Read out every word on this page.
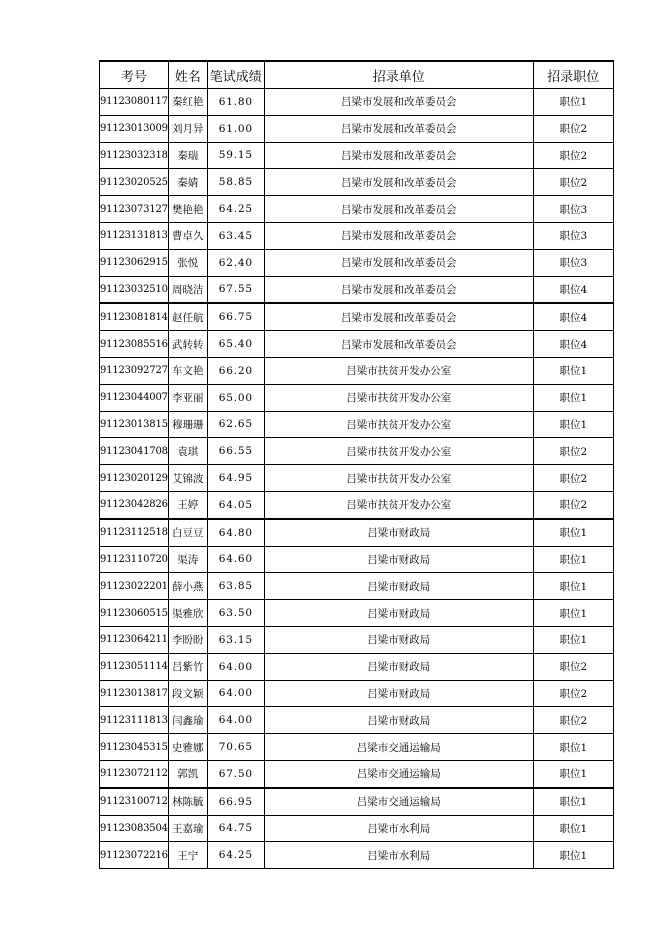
考号	姓名	笔试成绩	招录单位	招录职位
91123080117	秦红艳	61.80	吕梁市发展和改革委员会	职位1
91123013009	刘月异	61.00	吕梁市发展和改革委员会	职位2
91123032318	秦瑞	59.15	吕梁市发展和改革委员会	职位2
91123020525	秦婧	58.85	吕梁市发展和改革委员会	职位2
91123073127	樊艳艳	64.25	吕梁市发展和改革委员会	职位3
91123131813	曹卓久	63.45	吕梁市发展和改革委员会	职位3
91123062915	张悦	62.40	吕梁市发展和改革委员会	职位3
91123032510	周晓洁	67.55	吕梁市发展和改革委员会	职位4
91123081814	赵任航	66.75	吕梁市发展和改革委员会	职位4
91123085516	武转转	65.40	吕梁市发展和改革委员会	职位4
91123092727	车文艳	66.20	吕梁市扶贫开发办公室	职位1
91123044007	李亚丽	65.00	吕梁市扶贫开发办公室	职位1
91123013815	穆珊珊	62.65	吕梁市扶贫开发办公室	职位1
91123041708	袁琪	66.55	吕梁市扶贫开发办公室	职位2
91123020129	艾锦波	64.95	吕梁市扶贫开发办公室	职位2
91123042826	王婷	64.05	吕梁市扶贫开发办公室	职位2
91123112518	白豆豆	64.80	吕梁市财政局	职位1
91123110720	渠涛	64.60	吕梁市财政局	职位1
91123022201	薛小燕	63.85	吕梁市财政局	职位1
91123060515	渠雅欣	63.50	吕梁市财政局	职位1
91123064211	李盼盼	63.15	吕梁市财政局	职位1
91123051114	吕紫竹	64.00	吕梁市财政局	职位2
91123013817	段文颖	64.00	吕梁市财政局	职位2
91123111813	闫鑫瑜	64.00	吕梁市财政局	职位2
91123045315	史雅娜	70.65	吕梁市交通运输局	职位1
91123072112	郭凯	67.50	吕梁市交通运输局	职位1
91123100712	林陈毓	66.95	吕梁市交通运输局	职位1
91123083504	王嘉瑜	64.75	吕梁市水利局	职位1
91123072216	王宁	64.25	吕梁市水利局	职位1
